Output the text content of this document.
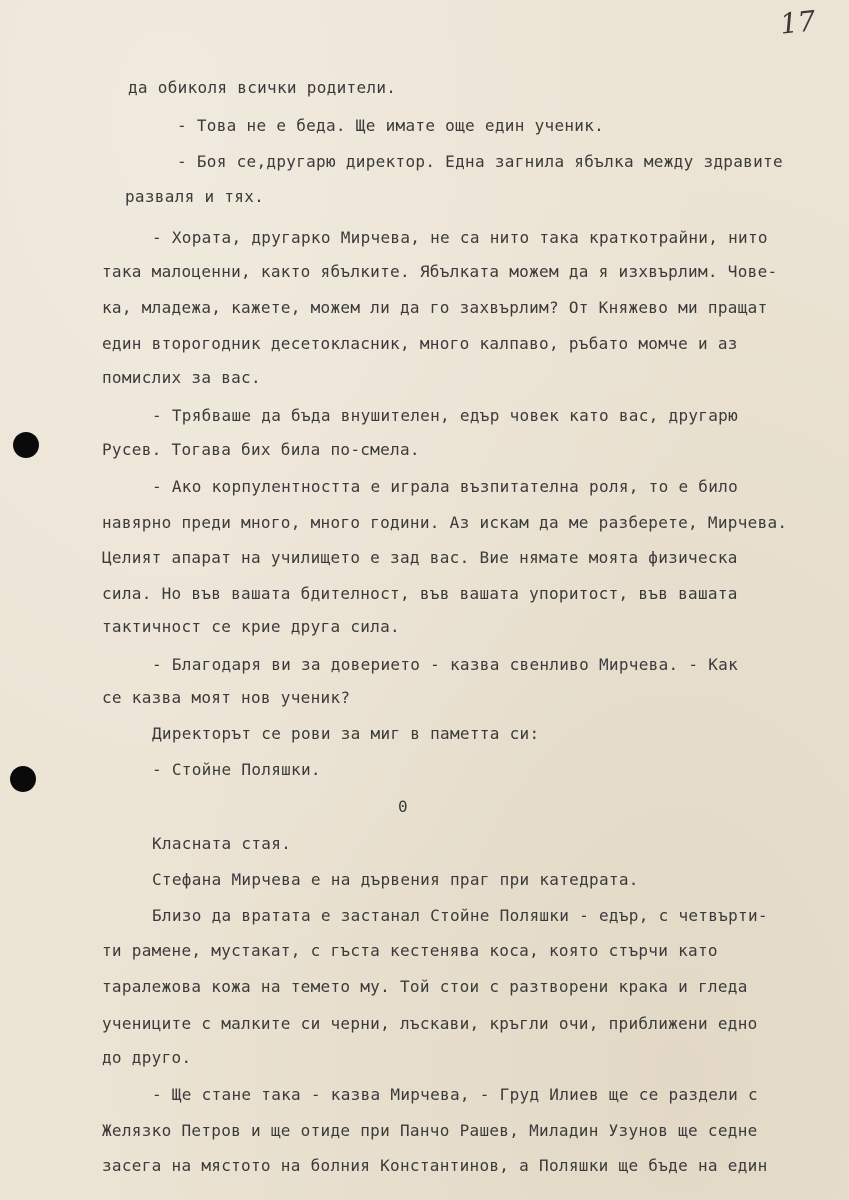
17
да обиколя всички родители.
- Това не е беда. Ще имате още един ученик.
- Боя се,другарю директор. Една загнила ябълка между здравите
разваля и тях.
- Хората, другарко Мирчева, не са нито така краткотрайни, нито
така малоценни, както ябълките. Ябълката можем да я изхвърлим. Чове-
ка, младежа, кажете, можем ли да го захвърлим? От Княжево ми пращат
един второгодник десетокласник, много калпаво, ръбато момче и аз
помислих за вас.
- Трябваше да бъда внушителен, едър човек като вас, другарю
Русев. Тогава бих била по-смела.
- Ако корпулентността е играла възпитателна роля, то е било
навярно преди много, много години. Аз искам да ме разберете, Мирчева.
Целият апарат на училището е зад вас. Вие нямате моята физическа
сила. Но във вашата бдителност, във вашата упоритост, във вашата
тактичност се крие друга сила.
- Благодаря ви за доверието - казва свенливо Мирчева. - Как
се казва моят нов ученик?
Директорът се рови за миг в паметта си:
- Стойне Поляшки.
0
Класната стая.
Стефана Мирчева е на дървения праг при катедрата.
Близо да вратата е застанал Стойне Поляшки - едър, с четвърти-
ти рамене, мустакат, с гъста кестенява коса, която стърчи като
таралежова кожа на темето му. Той стои с разтворени крака и гледа
учениците с малките си черни, лъскави, кръгли очи, приближени едно
до друго.
- Ще стане така - казва Мирчева, - Груд Илиев ще се раздели с
Желязко Петров и ще отиде при Панчо Рашев, Миладин Узунов ще седне
засега на мястото на болния Константинов, а Поляшки ще бъде на един
